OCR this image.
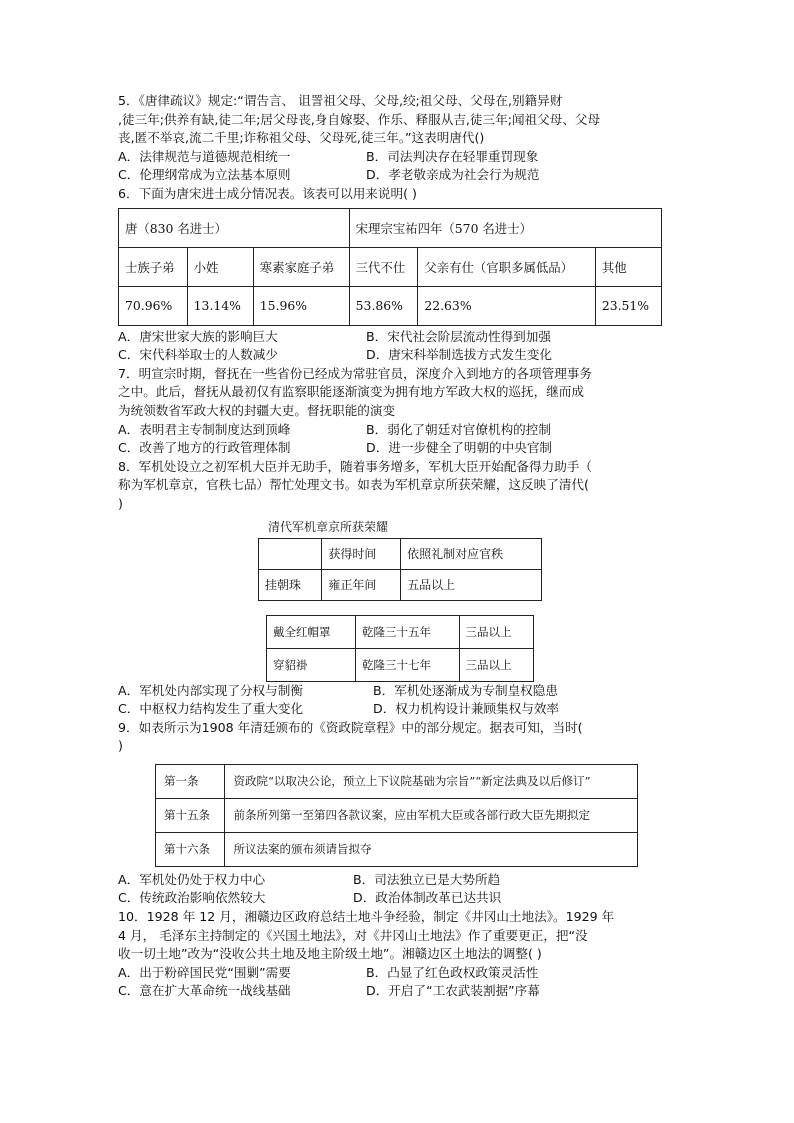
5．《唐律疏议》规定:“谓告言、 诅詈祖父母、父母,绞;祖父母、父母在,别籍异财
,徒三年;供养有缺,徒二年;居父母丧,身自嫁娶、作乐、释服从吉,徒三年;闻祖父母、父母
丧,匿不举哀,流二千里;诈称祖父母、父母死,徒三年。”这表明唐代()
A．法律规范与道德规范相统一	B．司法判决存在轻罪重罚现象
C．伦理纲常成为立法基本原则	D．孝老敬亲成为社会行为规范
6．下面为唐宋进士成分情况表。该表可以用来说明( )
唐（830 名进士）			宋理宗宝祐四年（570 名进士）		
士族子弟	小姓	寒素家庭子弟	三代不仕	父亲有仕（官职多属低品）	其他
70.96%	13.14%	15.96%	53.86%	22.63%	23.51%
A．唐宋世家大族的影响巨大	B．宋代社会阶层流动性得到加强
C．宋代科举取士的人数减少	D．唐宋科举制选拔方式发生变化
7．明宣宗时期，督抚在一些省份已经成为常驻官员，深度介入到地方的各项管理事务
之中。此后，督抚从最初仅有监察职能逐渐演变为拥有地方军政大权的巡抚，继而成
为统领数省军政大权的封疆大吏。督抚职能的演变
A．表明君主专制制度达到顶峰	B．弱化了朝廷对官僚机构的控制
C．改善了地方的行政管理体制	D．进一步健全了明朝的中央官制
8．军机处设立之初军机大臣并无助手，随着事务增多，军机大臣开始配备得力助手（
称为军机章京，官秩七品）帮忙处理文书。如表为军机章京所获荣耀，这反映了清代(
)
清代军机章京所获荣耀
	获得时间	依照礼制对应官秩
挂朝珠	雍正年间	五品以上
戴全红帽罩	乾隆三十五年	三品以上
穿貂褂	乾隆三十七年	三品以上
A．军机处内部实现了分权与制衡	B．军机处逐渐成为专制皇权隐患
C．中枢权力结构发生了重大变化	D．权力机构设计兼顾集权与效率
9．如表所示为1908 年清廷颁布的《资政院章程》中的部分规定。据表可知，当时(
)
第一条	资政院“以取决公论，预立上下议院基础为宗旨”“新定法典及以后修订”
第十五条	前条所列第一至第四各款议案，应由军机大臣或各部行政大臣先期拟定
第十六条	所议法案的颁布须请旨拟夺
A．军机处仍处于权力中心	B．司法独立已是大势所趋
C．传统政治影响依然较大	D．政治体制改革已达共识
10．1928 年 12 月，湘赣边区政府总结土地斗争经验，制定《井冈山土地法》。1929 年
4 月， 毛泽东主持制定的《兴国土地法》，对《井冈山土地法》作了重要更正，把“没
收一切土地”改为“没收公共土地及地主阶级土地”。湘赣边区土地法的调整( )
A．出于粉碎国民党“围剿”需要	B．凸显了红色政权政策灵活性
C．意在扩大革命统一战线基础	D．开启了“工农武装割据”序幕
